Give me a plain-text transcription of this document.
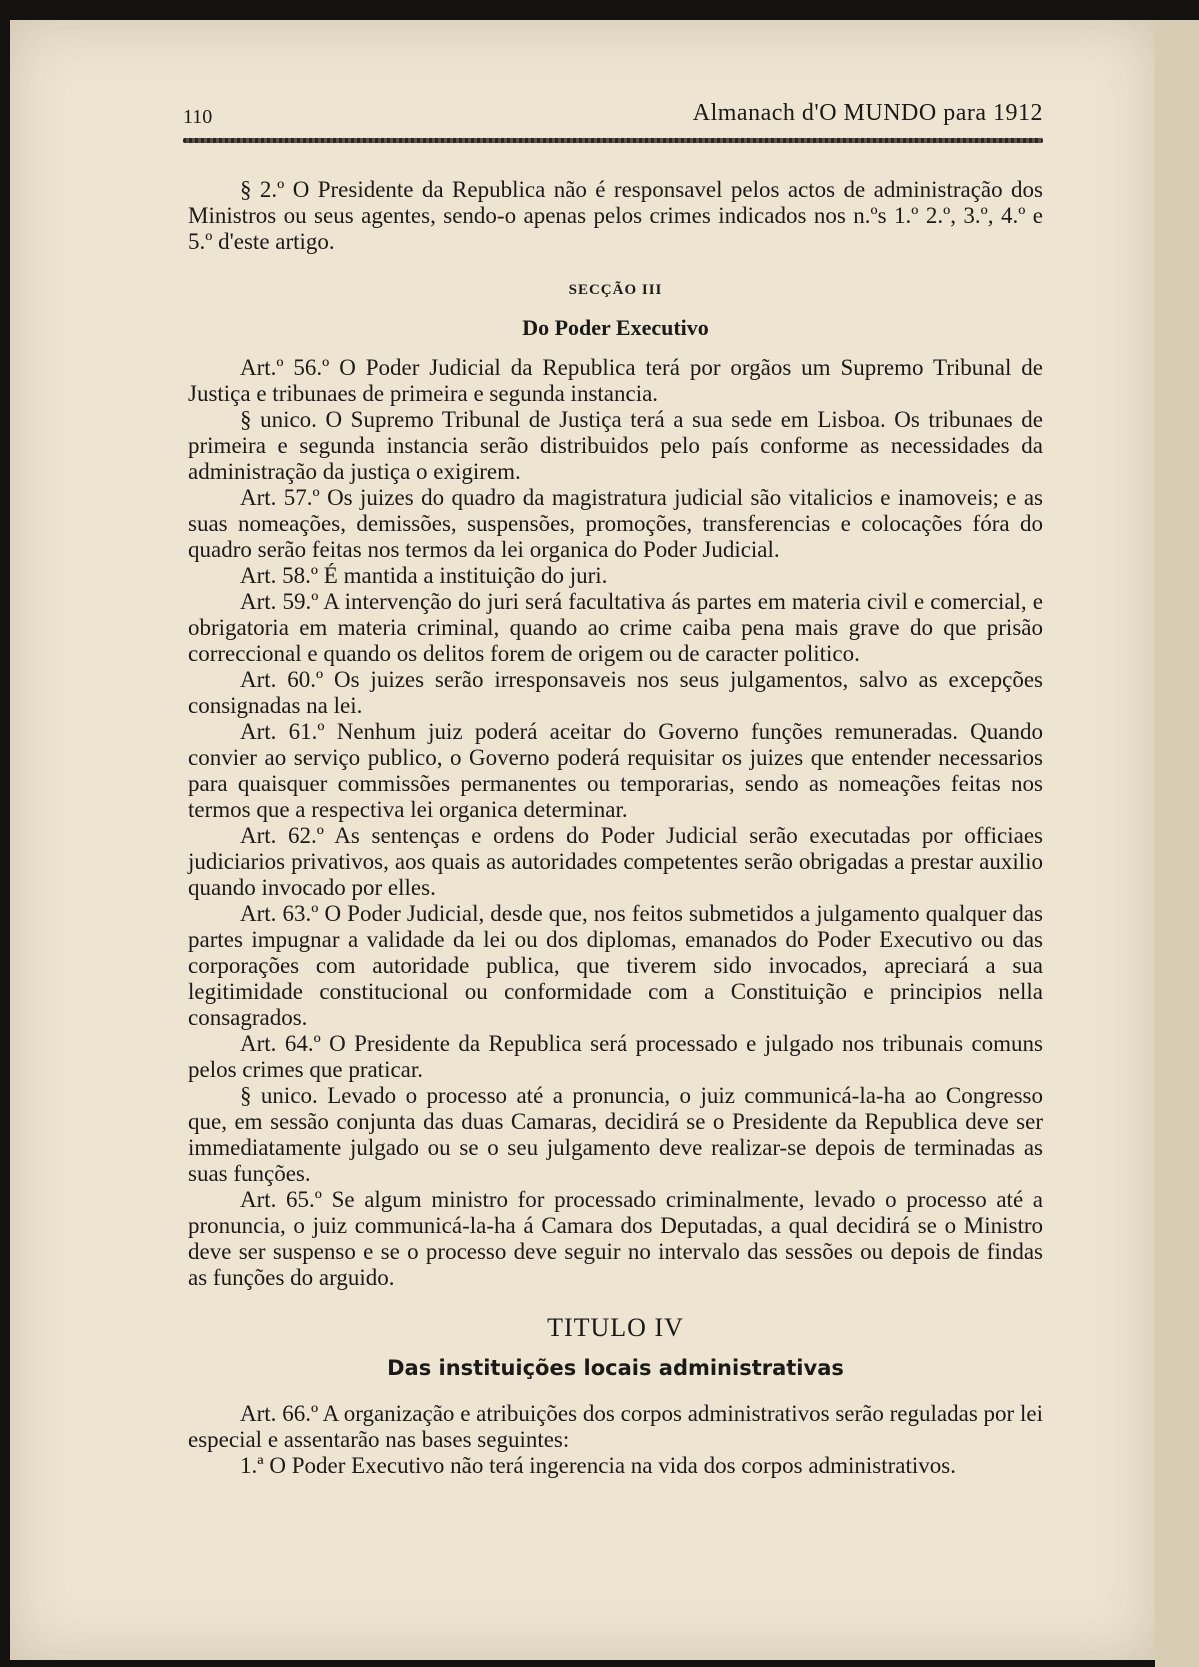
110	Almanach d'O MUNDO para 1912

§ 2.º O Presidente da Republica não é responsavel pelos actos de administração dos Ministros ou seus agentes, sendo-o apenas pelos crimes indicados nos n.ºs 1.º 2.º, 3.º, 4.º e 5.º d'este artigo.

SECÇÃO III

Do Poder Executivo

Art.º 56.º O Poder Judicial da Republica terá por orgãos um Supremo Tribunal de Justiça e tribunaes de primeira e segunda instancia.

§ unico. O Supremo Tribunal de Justiça terá a sua sede em Lisboa. Os tribunaes de primeira e segunda instancia serão distribuidos pelo país conforme as necessidades da administração da justiça o exigirem.

Art. 57.º Os juizes do quadro da magistratura judicial são vitalicios e inamoveis; e as suas nomeações, demissões, suspensões, promoções, transferencias e colocações fóra do quadro serão feitas nos termos da lei organica do Poder Judicial.

Art. 58.º É mantida a instituição do juri.

Art. 59.º A intervenção do juri será facultativa ás partes em materia civil e comercial, e obrigatoria em materia criminal, quando ao crime caiba pena mais grave do que prisão correccional e quando os delitos forem de origem ou de caracter politico.

Art. 60.º Os juizes serão irresponsaveis nos seus julgamentos, salvo as excepções consignadas na lei.

Art. 61.º Nenhum juiz poderá aceitar do Governo funções remuneradas. Quando convier ao serviço publico, o Governo poderá requisitar os juizes que entender necessarios para quaisquer commissões permanentes ou temporarias, sendo as nomeações feitas nos termos que a respectiva lei organica determinar.

Art. 62.º As sentenças e ordens do Poder Judicial serão executadas por officiaes judiciarios privativos, aos quais as autoridades competentes serão obrigadas a prestar auxilio quando invocado por elles.

Art. 63.º O Poder Judicial, desde que, nos feitos submetidos a julgamento qualquer das partes impugnar a validade da lei ou dos diplomas, emanados do Poder Executivo ou das corporações com autoridade publica, que tiverem sido invocados, apreciará a sua legitimidade constitucional ou conformidade com a Constituição e principios nella consagrados.

Art. 64.º O Presidente da Republica será processado e julgado nos tribunais comuns pelos crimes que praticar.

§ unico. Levado o processo até a pronuncia, o juiz communicá-la-ha ao Congresso que, em sessão conjunta das duas Camaras, decidirá se o Presidente da Republica deve ser immediatamente julgado ou se o seu julgamento deve realizar-se depois de terminadas as suas funções.

Art. 65.º Se algum ministro for processado criminalmente, levado o processo até a pronuncia, o juiz communicá-la-ha á Camara dos Deputadas, a qual decidirá se o Ministro deve ser suspenso e se o processo deve seguir no intervalo das sessões ou depois de findas as funções do arguido.

TITULO IV

Das instituições locais administrativas

Art. 66.º A organização e atribuições dos corpos administrativos serão reguladas por lei especial e assentarão nas bases seguintes:

1.ª O Poder Executivo não terá ingerencia na vida dos corpos administrativos.
